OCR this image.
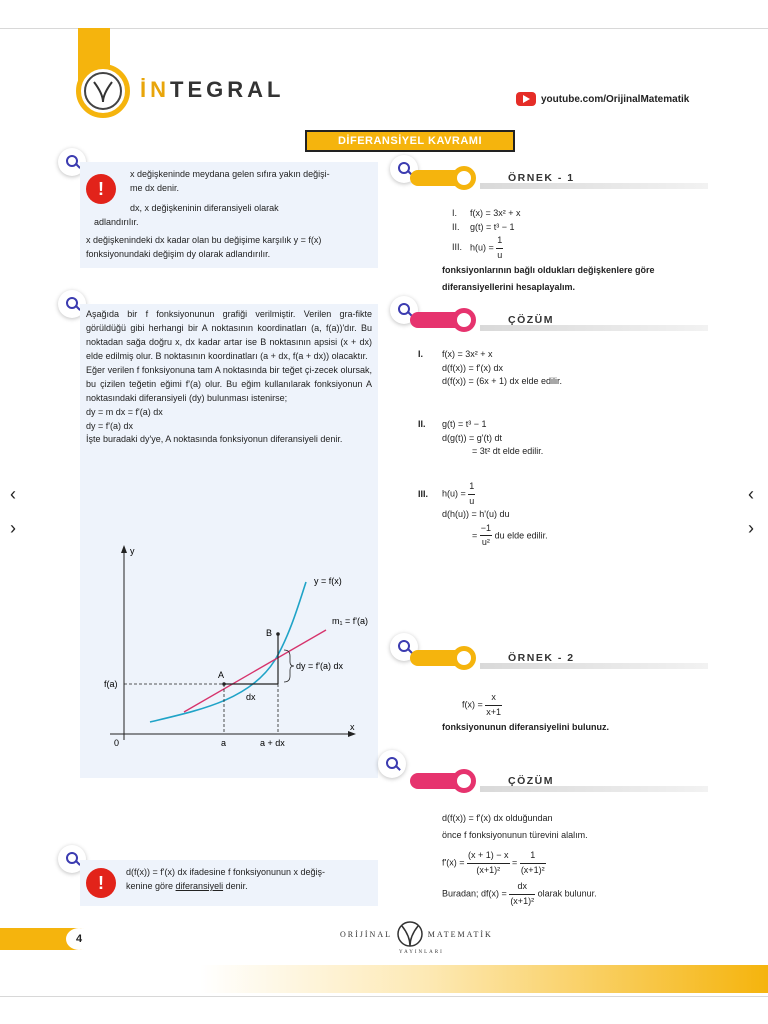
İNTEGRAL	youtube.com/OrijinalMatematik
DİFERANSİYEL KAVRAMI
‹
›
‹
›
!

x değişkeninde meydana gelen sıfıra yakın değişi-

me dx denir.

dx, x değişkeninin diferansiyeli olarak

adlandırılır.

x değişkenindeki dx kadar olan bu değişime karşılık y = f(x)

fonksiyonundaki değişim dy olarak adlandırılır.

Aşağıda bir f fonksiyonunun grafiği verilmiştir. Verilen gra-fikte görüldüğü gibi herhangi bir A noktasının koordinatları (a, f(a))'dır. Bu noktadan sağa doğru x, dx kadar artar ise B noktasının apsisi (x + dx) elde edilmiş olur. B noktasının koordinatları (a + dx, f(a + dx)) olacaktır.

Eğer verilen f fonksiyonuna tam A noktasında bir teğet çi-zecek olursak, bu çizilen teğetin eğimi f'(a) olur. Bu eğim kullanılarak fonksiyonun A noktasındaki diferansiyeli (dy) bulunması istenirse;

dy = m dx = f'(a) dx

dy = f'(a) dx

İşte buradaki dy'ye, A noktasında fonksiyonun diferansiyeli denir.

y
x
y = f(x)
m₁ = f'(a)
A
B
f(a)
0	a	a + dx
dx
dy = f'(a) dx
!

d(f(x)) = f'(x) dx ifadesine f fonksiyonunun x değiş-

kenine göre diferansiyeli denir.

ÖRNEK - 1
I. f(x) = 3x² + x
II. g(t) = t³ − 1
III. $h(u) = \frac{1}{u}$

fonksiyonlarının bağlı oldukları değişkenlere göre

diferansiyellerini hesaplayalım.

ÇÖZÜM
I. f(x) = 3x² + x

d(f(x)) = f'(x) dx

d(f(x)) = (6x + 1) dx elde edilir.

II. g(t) = t³ − 1

d(g(t)) = g'(t) dt

= 3t² dt elde edilir.

III. $h(u) = \frac{1}{u}$

d(h(u)) = h'(u) du

= $\frac{-1}{\text{u²}}$ du elde edilir.
ÖRNEK - 2
$f(x) = \frac{x}{x+1}$
fonksiyonunun diferansiyelini bulunuz.
ÇÖZÜM

d(f(x)) = f'(x) dx olduğundan

önce f fonksiyonunun türevini alalım.

$f'(x) = \frac{(x + 1) - x}{\text{(x+1)²}} = \frac{1}{\text{(x+1)²}}$
Buradan; $df(x) = \frac{dx}{\text{(x+1)²}}$ olarak bulunur.
4	ORİJİNAL	MATEMATİK
YAYINLARI
